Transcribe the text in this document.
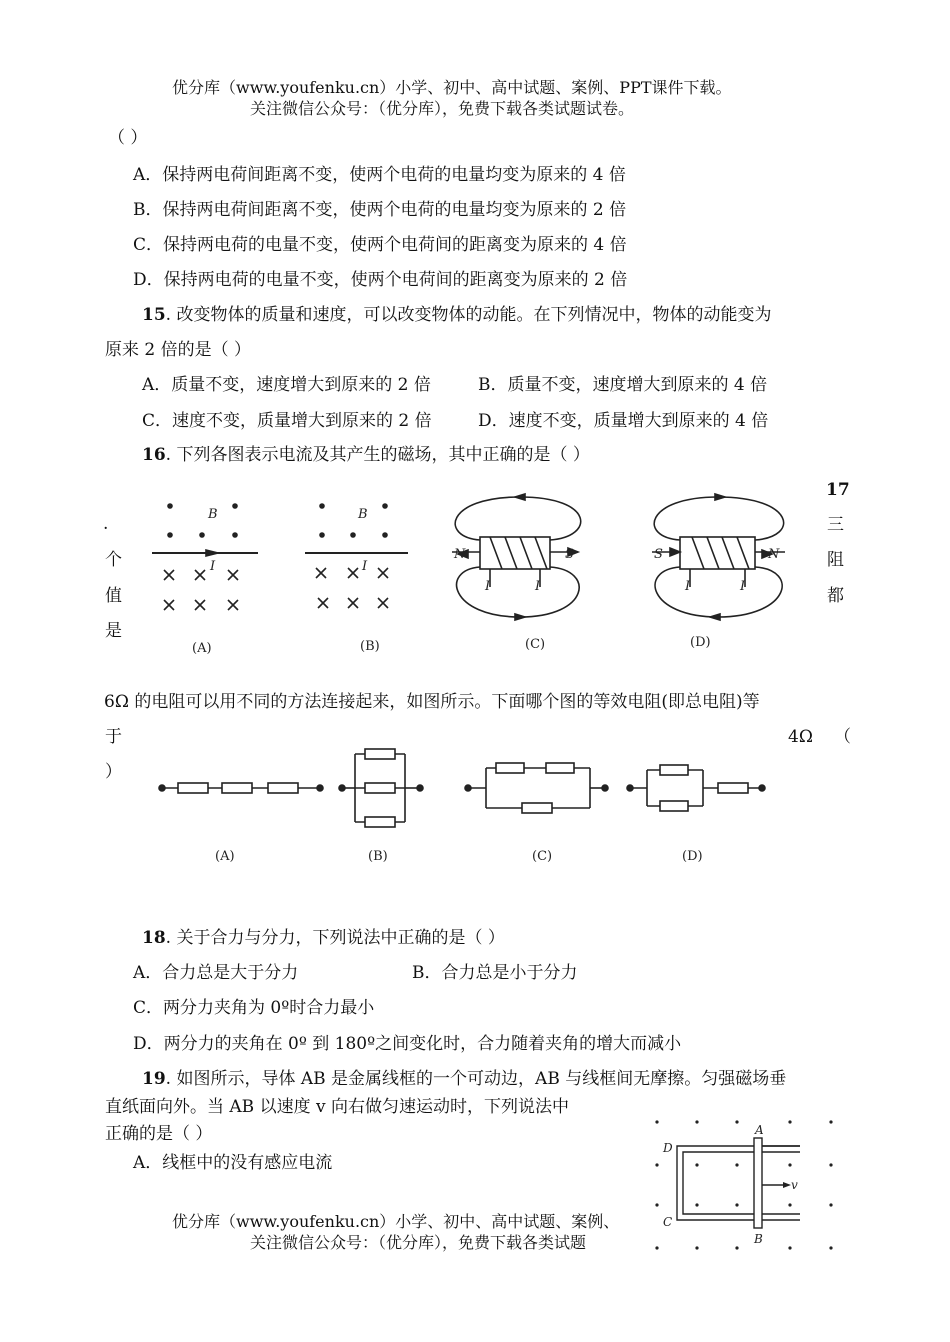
优分库（www.youfenku.cn）小学、初中、高中试题、案例、PPT课件下载。
关注微信公众号：（优分库），免费下载各类试题试卷。
（ ）
A．保持两电荷间距离不变，使两个电荷的电量均变为原来的 4 倍
B．保持两电荷间距离不变，使两个电荷的电量均变为原来的 2 倍
C．保持两电荷的电量不变，使两个电荷间的距离变为原来的 4 倍
D．保持两电荷的电量不变，使两个电荷间的距离变为原来的 2 倍
15. 改变物体的质量和速度，可以改变物体的动能。在下列情况中，物体的动能变为
原来 2 倍的是（ ）
A．质量不变，速度增大到原来的 2 倍	B．质量不变，速度增大到原来的 4 倍
C．速度不变，质量增大到原来的 2 倍	D．速度不变，质量增大到原来的 4 倍
16. 下列各图表示电流及其产生的磁场，其中正确的是（ ）
17
.	三
个	阻
值	都
是
B
I
B
I
N	S
I	I
S	N
I	I
(A)	(B)	(C)	(D)
6Ω 的电阻可以用不同的方法连接起来，如图所示。下面哪个图的等效电阻(即总电阻)等
于	4Ω （
）
(A)	(B)	(C)	(D)
18. 关于合力与分力，下列说法中正确的是（ ）
A．合力总是大于分力	B．合力总是小于分力
C．两分力夹角为 0º时合力最小
D．两分力的夹角在 0º 到 180º之间变化时，合力随着夹角的增大而减小
19. 如图所示，导体 AB 是金属线框的一个可动边，AB 与线框间无摩擦。匀强磁场垂
直纸面向外。当 AB 以速度 v 向右做匀速运动时，下列说法中
正确的是（ ）
A．线框中的没有感应电流
A
B
C
D
v
优分库（www.youfenku.cn）小学、初中、高中试题、案例、
关注微信公众号：（优分库），免费下载各类试题
